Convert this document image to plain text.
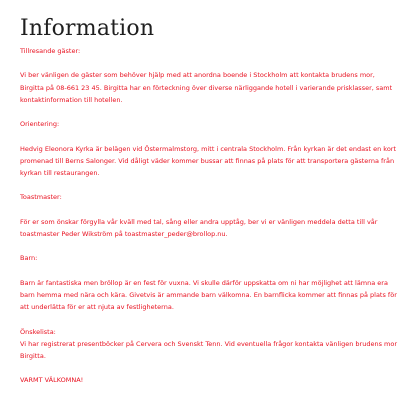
Information

Tillresande gäster:

Vi ber vänligen de gäster som behöver hjälp med att anordna boende i Stockholm att kontakta brudens mor, Birgitta på 08-661 23 45. Birgitta har en förteckning över diverse närliggande hotell i varierande prisklasser, samt kontaktinformation till hotellen.

Orientering:

Hedvig Eleonora Kyrka är belägen vid Östermalmstorg, mitt i centrala Stockholm. Från kyrkan är det endast en kort promenad till Berns Salonger. Vid dåligt väder kommer bussar att finnas på plats för att transportera gästerna från kyrkan till restaurangen.

Toastmaster:

För er som önskar förgylla vår kväll med tal, sång eller andra upptåg, ber vi er vänligen meddela detta till vår toastmaster Peder Wikström på toastmaster_peder@brollop.nu.

Barn:

Barn är fantastiska men bröllop är en fest för vuxna. Vi skulle därför uppskatta om ni har möjlighet att lämna era barn hemma med nära och kära. Givetvis är ammande barn välkomna. En barnflicka kommer att finnas på plats för att underlätta för er att njuta av festligheterna.

Önskelista:
Vi har registrerat presentböcker på Cervera och Svenskt Tenn. Vid eventuella frågor kontakta vänligen brudens mor Birgitta.

VARMT VÄLKOMNA!
